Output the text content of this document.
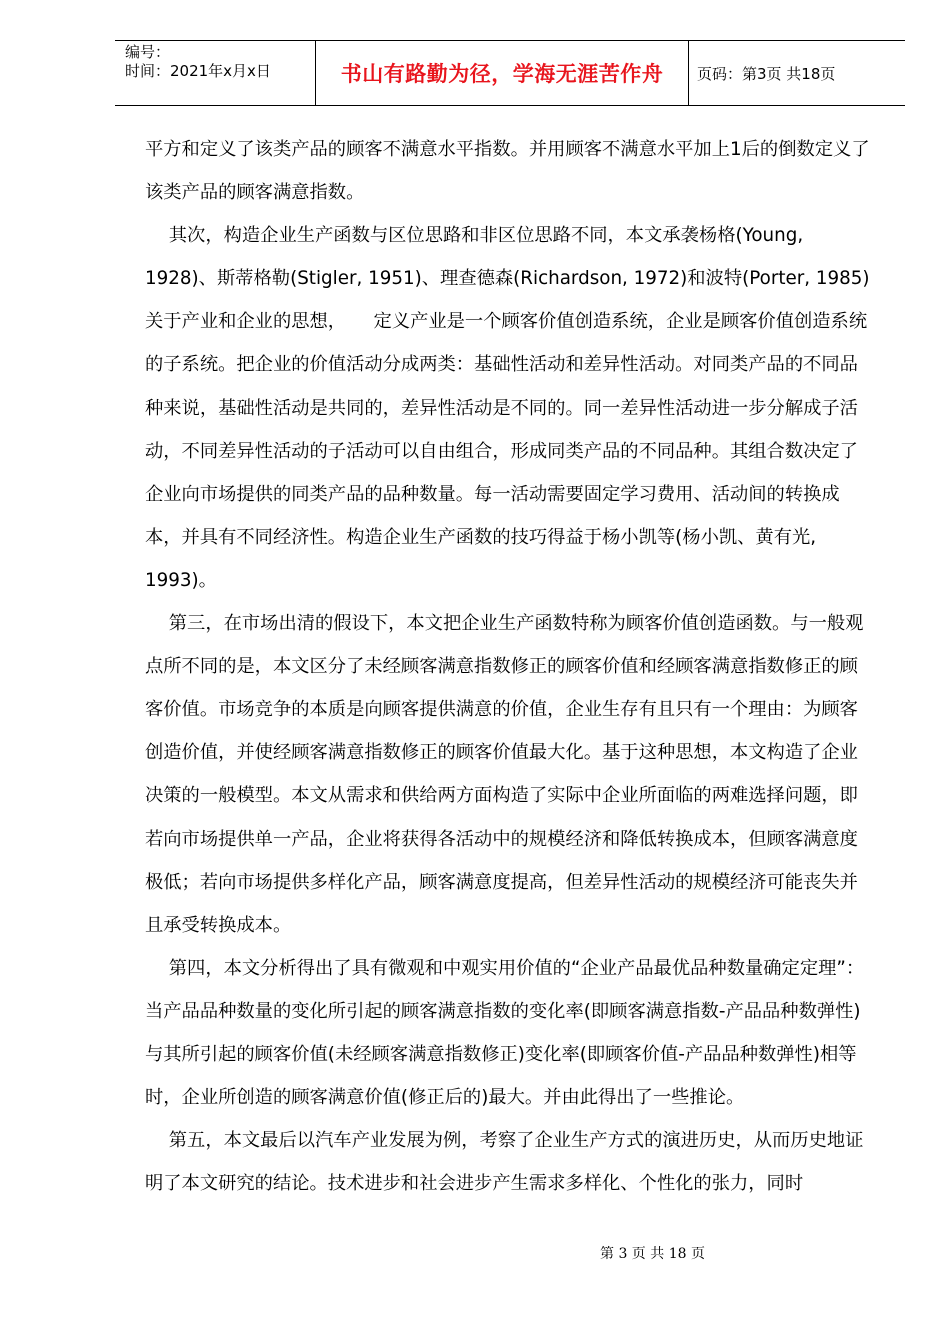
编号：
时间：2021年x月x日	书山有路勤为径，学海无涯苦作舟 页码：第3页 共18页

平方和定义了该类产品的顾客不满意水平指数。并用顾客不满意水平加上1后的倒数定义了该类产品的顾客满意指数。

其次，构造企业生产函数与区位思路和非区位思路不同，本文承袭杨格(Young, 1928)、斯蒂格勒(Stigler, 1951)、理查德森(Richardson, 1972)和波特(Porter, 1985)关于产业和企业的思想，　　定义产业是一个顾客价值创造系统，企业是顾客价值创造系统的子系统。把企业的价值活动分成两类：基础性活动和差异性活动。对同类产品的不同品种来说，基础性活动是共同的，差异性活动是不同的。同一差异性活动进一步分解成子活动，不同差异性活动的子活动可以自由组合，形成同类产品的不同品种。其组合数决定了企业向市场提供的同类产品的品种数量。每一活动需要固定学习费用、活动间的转换成本，并具有不同经济性。构造企业生产函数的技巧得益于杨小凯等(杨小凯、黄有光, 1993)。

第三，在市场出清的假设下，本文把企业生产函数特称为顾客价值创造函数。与一般观点所不同的是，本文区分了未经顾客满意指数修正的顾客价值和经顾客满意指数修正的顾客价值。市场竞争的本质是向顾客提供满意的价值，企业生存有且只有一个理由：为顾客创造价值，并使经顾客满意指数修正的顾客价值最大化。基于这种思想，本文构造了企业决策的一般模型。本文从需求和供给两方面构造了实际中企业所面临的两难选择问题，即若向市场提供单一产品，企业将获得各活动中的规模经济和降低转换成本，但顾客满意度极低；若向市场提供多样化产品，顾客满意度提高，但差异性活动的规模经济可能丧失并且承受转换成本。

第四，本文分析得出了具有微观和中观实用价值的“企业产品最优品种数量确定定理”：当产品品种数量的变化所引起的顾客满意指数的变化率(即顾客满意指数-产品品种数弹性)与其所引起的顾客价值(未经顾客满意指数修正)变化率(即顾客价值-产品品种数弹性)相等时，企业所创造的顾客满意价值(修正后的)最大。并由此得出了一些推论。

第五，本文最后以汽车产业发展为例，考察了企业生产方式的演进历史，从而历史地证明了本文研究的结论。技术进步和社会进步产生需求多样化、个性化的张力，同时

第 3 页 共 18 页
